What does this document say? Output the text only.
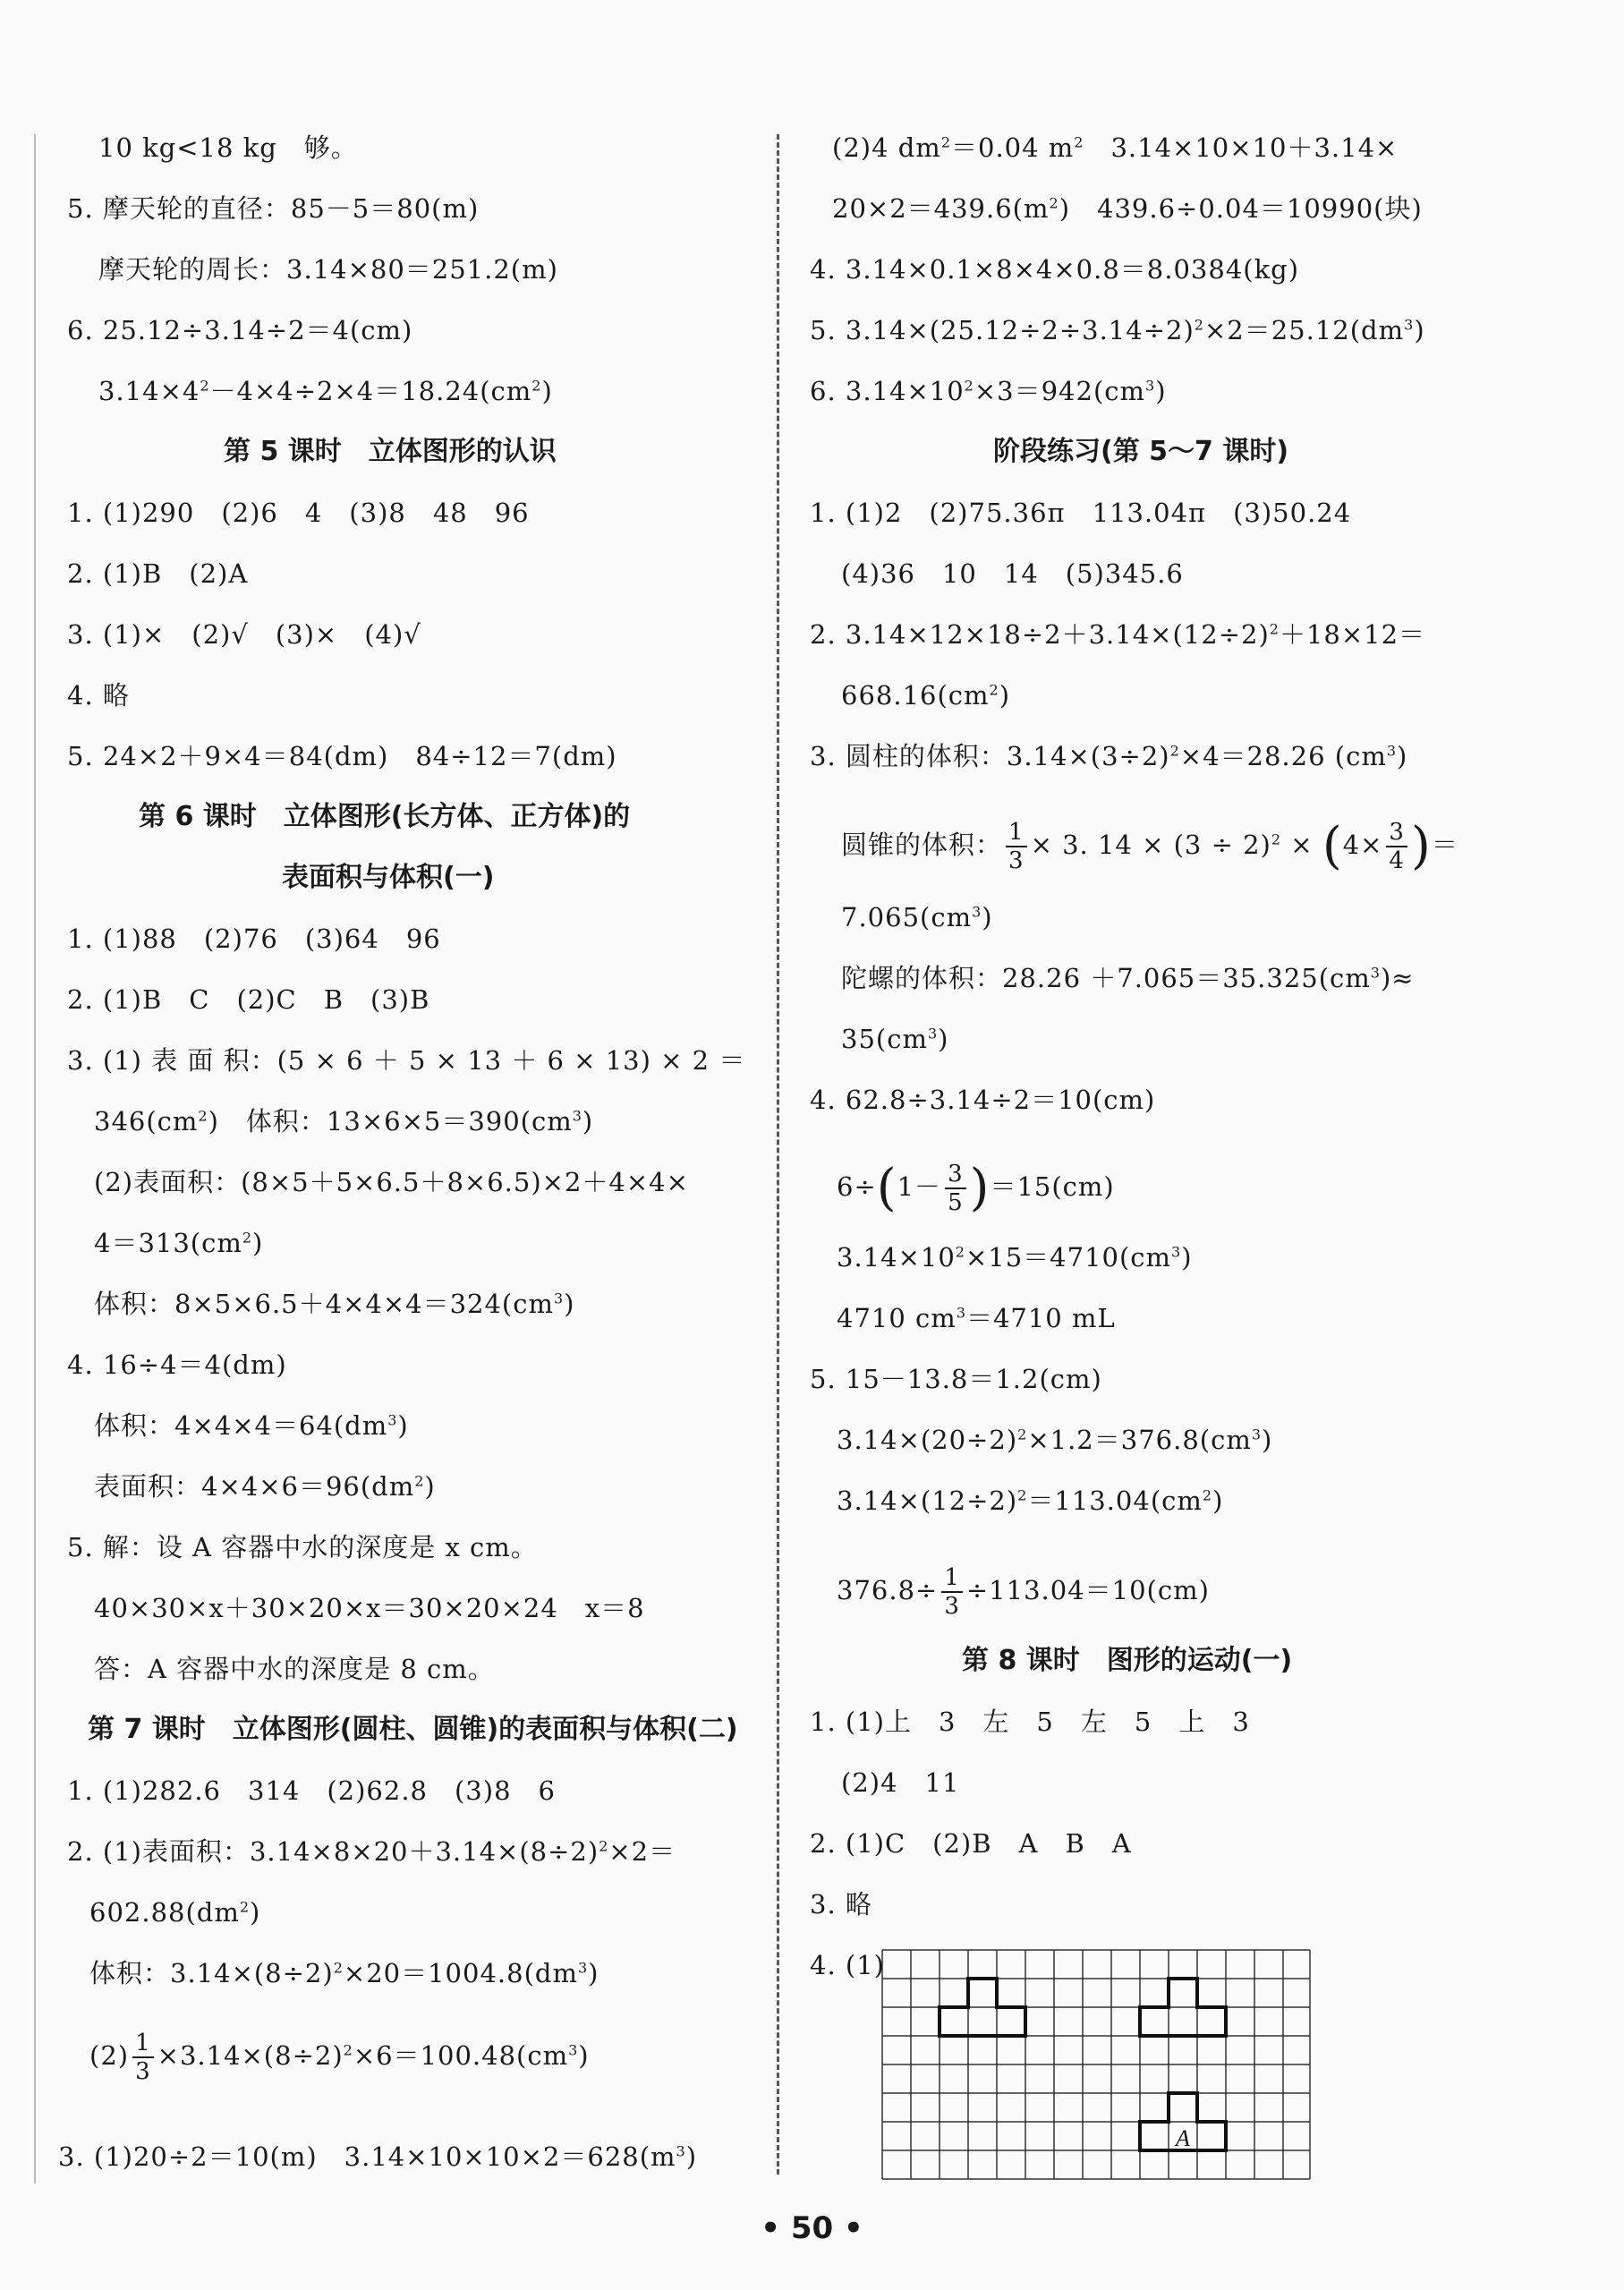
10 kg<18 kg　够。
5. 摩天轮的直径：85－5＝80(m)
摩天轮的周长：3.14×80＝251.2(m)
6. 25.12÷3.14÷2＝4(cm)
$3.14\times 4^2-4\times 4\div 2\times 4=18.24(cm^2)$
第 5 课时　立体图形的认识
1. (1)290　(2)6　4　(3)8　48　96
2. (1)B　(2)A
3. (1)×　(2)√　(3)×　(4)√
4. 略
5. 24×2＋9×4＝84(dm)　84÷12＝7(dm)
第 6 课时　立体图形(长方体、正方体)的
表面积与体积(一)
1. (1)88　(2)76　(3)64　96
2. (1)B　C　(2)C　B　(3)B
3. (1) 表 面 积：(5 × 6 ＋ 5 × 13 ＋ 6 × 13) × 2 ＝
$346(cm^2)$　体积：$13\times 6\times 5=390(cm^3)$
(2)表面积：(8×5＋5×6.5＋8×6.5)×2＋4×4×
$4=313(cm^2)$
体积：$8\times 5\times 6.5+4\times 4\times 4=324(cm^3)$
4. 16÷4＝4(dm)
体积：$4\times 4\times 4=64(dm^3)$
表面积：$4\times 4\times 6=96(dm^2)$
5. 解：设 A 容器中水的深度是 x cm。
40×30×x＋30×20×x＝30×20×24　x＝8
答：A 容器中水的深度是 8 cm。
第 7 课时　立体图形(圆柱、圆锥)的表面积与体积(二)
1. (1)282.6　314　(2)62.8　(3)8　6
2. (1)表面积：$3.14\times 8\times 20+3.14\times(8\div 2)^2\times 2=$
$602.88(dm^2)$
体积：$3.14\times(8\div 2)^2\times 20=1004.8(dm^3)$
$(2) \frac{1}{3} \times 3.14\times(8\div 2)^2\times 6=100.48(cm^3)$
3. (1)20÷2＝10(m)　$3.14\times 10\times 10\times 2=628(m^3)$
(2)4 $dm^2=0.04$ $m^2$　3.14×10×10＋3.14×
$20\times 2=439.6(m^2)$　439.6÷0.04＝10990(块)
4. 3.14×0.1×8×4×0.8＝8.0384(kg)
5. $3.14\times(25.12\div 2\div 3.14\div 2)^2\times 2=25.12(dm^3)$
6. $3.14\times 10^2\times 3=942(cm^3)$
阶段练习(第 5～7 课时)
1. (1)2　(2)75.36π　113.04π　(3)50.24
(4)36　10　14　(5)345.6
2. $3.14\times 12\times 18\div 2+3.14\times(12\div 2)^2+18\times 12=$
$668.16(cm^2)$
3. 圆柱的体积：$3.14\times(3\div 2)^2\times 4=28.26$ $(cm^3)$
圆锥的体积： $\frac{1}{3} \times 3$. $14 \times (3 \div 2)^2 \times (4\times \frac{3}{4}$ )＝
$7.065(cm^3)$
陀螺的体积：$28.26 +7.065=35.325(cm^3)\approx$
$35(cm^3)$
4. 62.8÷3.14÷2＝10(cm)
$6\div(1- \frac{3}{5} )=15(cm)$
$3.14\times 10^2\times 15=4710(cm^3)$
4710 $cm^3=4710$ mL
5. 15－13.8＝1.2(cm)
$3.14\times(20\div 2)^2\times 1.2=376.8(cm^3)$
$3.14\times(12\div 2)^2=113.04(cm^2)$
$376.8\div \frac{1}{3} \div 113.04=10(cm)$
第 8 课时　图形的运动(一)
1. (1)上　3　左　5　左　5　上　3
(2)4　11
2. (1)C　(2)B　A　B　A
3. 略
4. (1)
A
• 50 •
